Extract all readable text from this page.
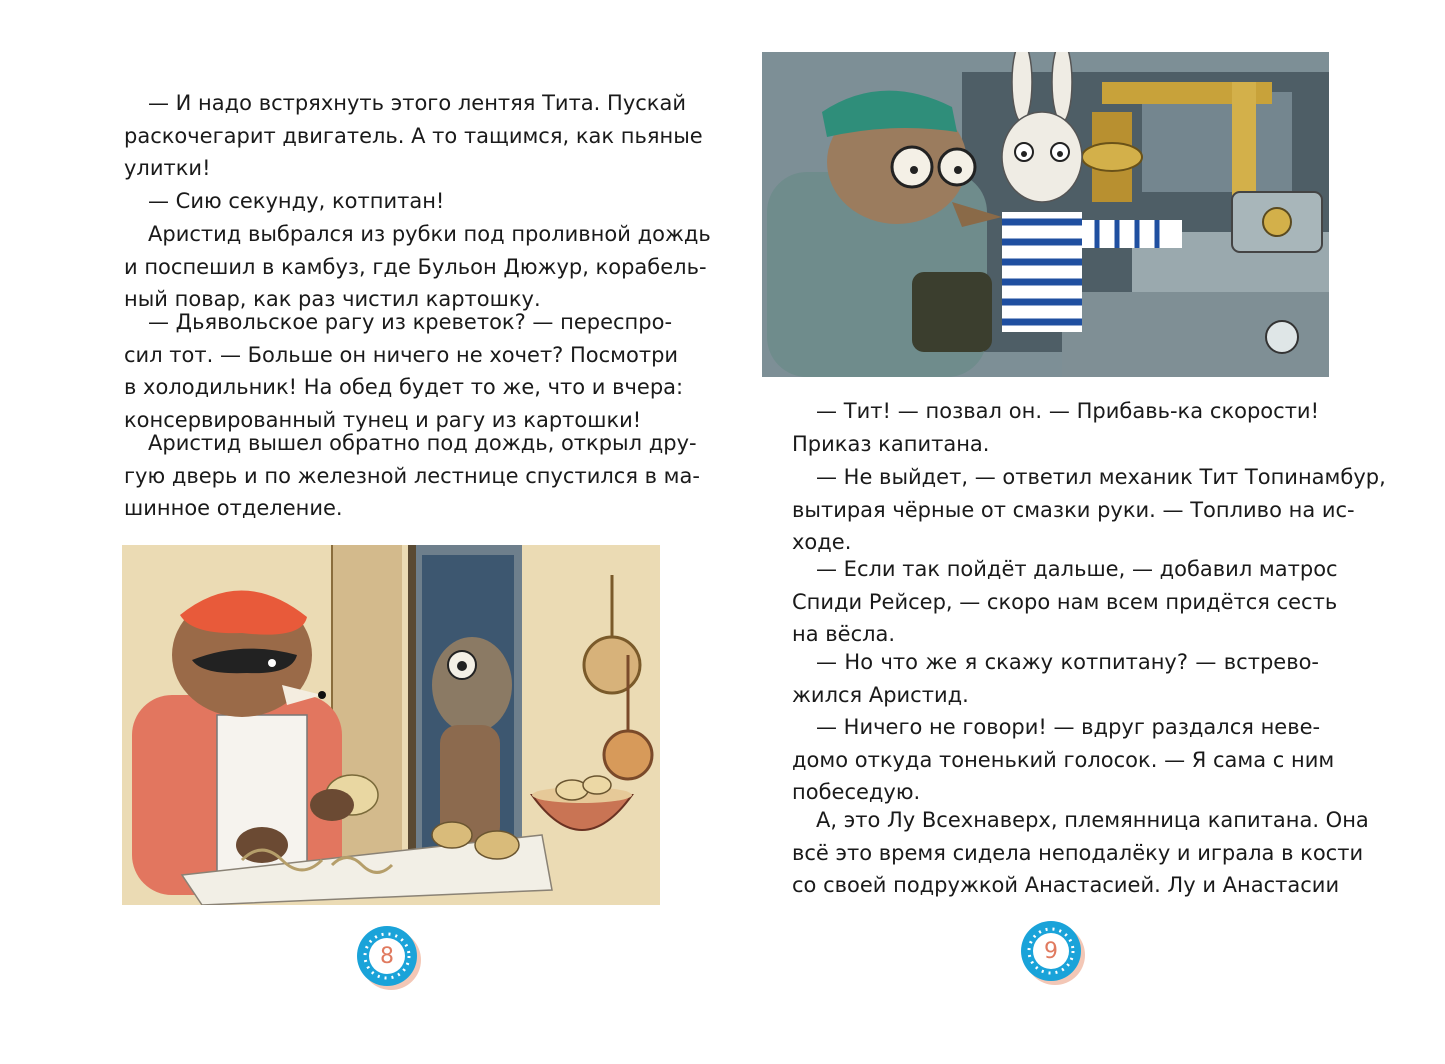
— И надо встряхнуть этого лентяя Тита. Пускай
раскочегарит двигатель. А то тащимся, как пьяные
улитки!
— Сию секунду, котпитан!
Аристид выбрался из рубки под проливной дождь
и поспешил в камбуз, где Бульон Дюжур, корабель-
ный повар, как раз чистил картошку.
— Дьявольское рагу из креветок? — переспро-
сил тот. — Больше он ничего не хочет? Посмотри
в холодильник! На обед будет то же, что и вчера:
консервированный тунец и рагу из картошки!
Аристид вышел обратно под дождь, открыл дру-
гую дверь и по железной лестнице спустился в ма-
шинное отделение.
8
— Тит! — позвал он. — Прибавь-ка скорости!
Приказ капитана.
— Не выйдет, — ответил механик Тит Топинамбур,
вытирая чёрные от смазки руки. — Топливо на ис-
ходе.
— Если так пойдёт дальше, — добавил матрос
Спиди Рейсер, — скоро нам всем придётся сесть
на вёсла.
— Но что же я скажу котпитану? — встрево-
жился Аристид.
— Ничего не говори! — вдруг раздался неве-
домо откуда тоненький голосок. — Я сама с ним
побеседую.
А, это Лу Всехнаверх, племянница капитана. Она
всё это время сидела неподалёку и играла в кости
со своей подружкой Анастасией. Лу и Анастасии
9
